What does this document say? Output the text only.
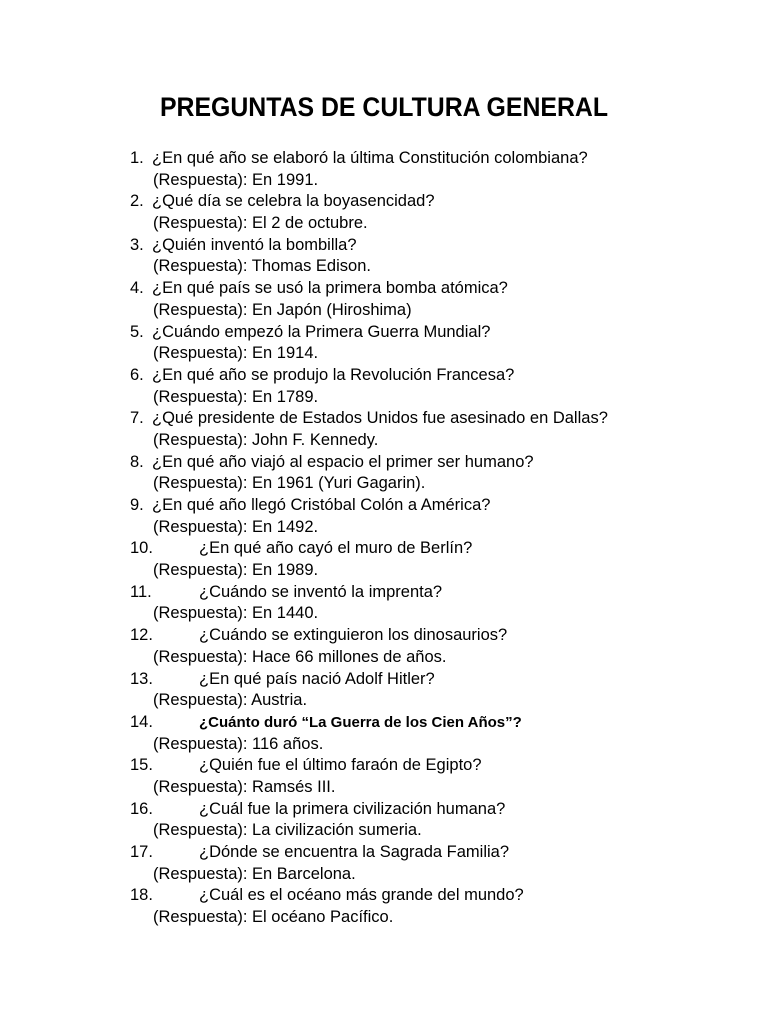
PREGUNTAS DE CULTURA GENERAL
1. ¿En qué año se elaboró la última Constitución colombiana?
(Respuesta): En 1991.
2. ¿Qué día se celebra la boyasencidad?
(Respuesta): El 2 de octubre.
3. ¿Quién inventó la bombilla?
(Respuesta): Thomas Edison.
4. ¿En qué país se usó la primera bomba atómica?
(Respuesta): En Japón (Hiroshima)
5. ¿Cuándo empezó la Primera Guerra Mundial?
(Respuesta): En 1914.
6. ¿En qué año se produjo la Revolución Francesa?
(Respuesta): En 1789.
7. ¿Qué presidente de Estados Unidos fue asesinado en Dallas?
(Respuesta): John F. Kennedy.
8. ¿En qué año viajó al espacio el primer ser humano?
(Respuesta): En 1961 (Yuri Gagarin).
9. ¿En qué año llegó Cristóbal Colón a América?
(Respuesta): En 1492.
10.	¿En qué año cayó el muro de Berlín?
(Respuesta): En 1989.
11.	¿Cuándo se inventó la imprenta?
(Respuesta): En 1440.
12.	¿Cuándo se extinguieron los dinosaurios?
(Respuesta): Hace 66 millones de años.
13.	¿En qué país nació Adolf Hitler?
(Respuesta): Austria.
14.	¿Cuánto duró “La Guerra de los Cien Años”?
(Respuesta): 116 años.
15.	¿Quién fue el último faraón de Egipto?
(Respuesta): Ramsés III.
16.	¿Cuál fue la primera civilización humana?
(Respuesta): La civilización sumeria.
17.	¿Dónde se encuentra la Sagrada Familia?
(Respuesta): En Barcelona.
18.	¿Cuál es el océano más grande del mundo?
(Respuesta): El océano Pacífico.
